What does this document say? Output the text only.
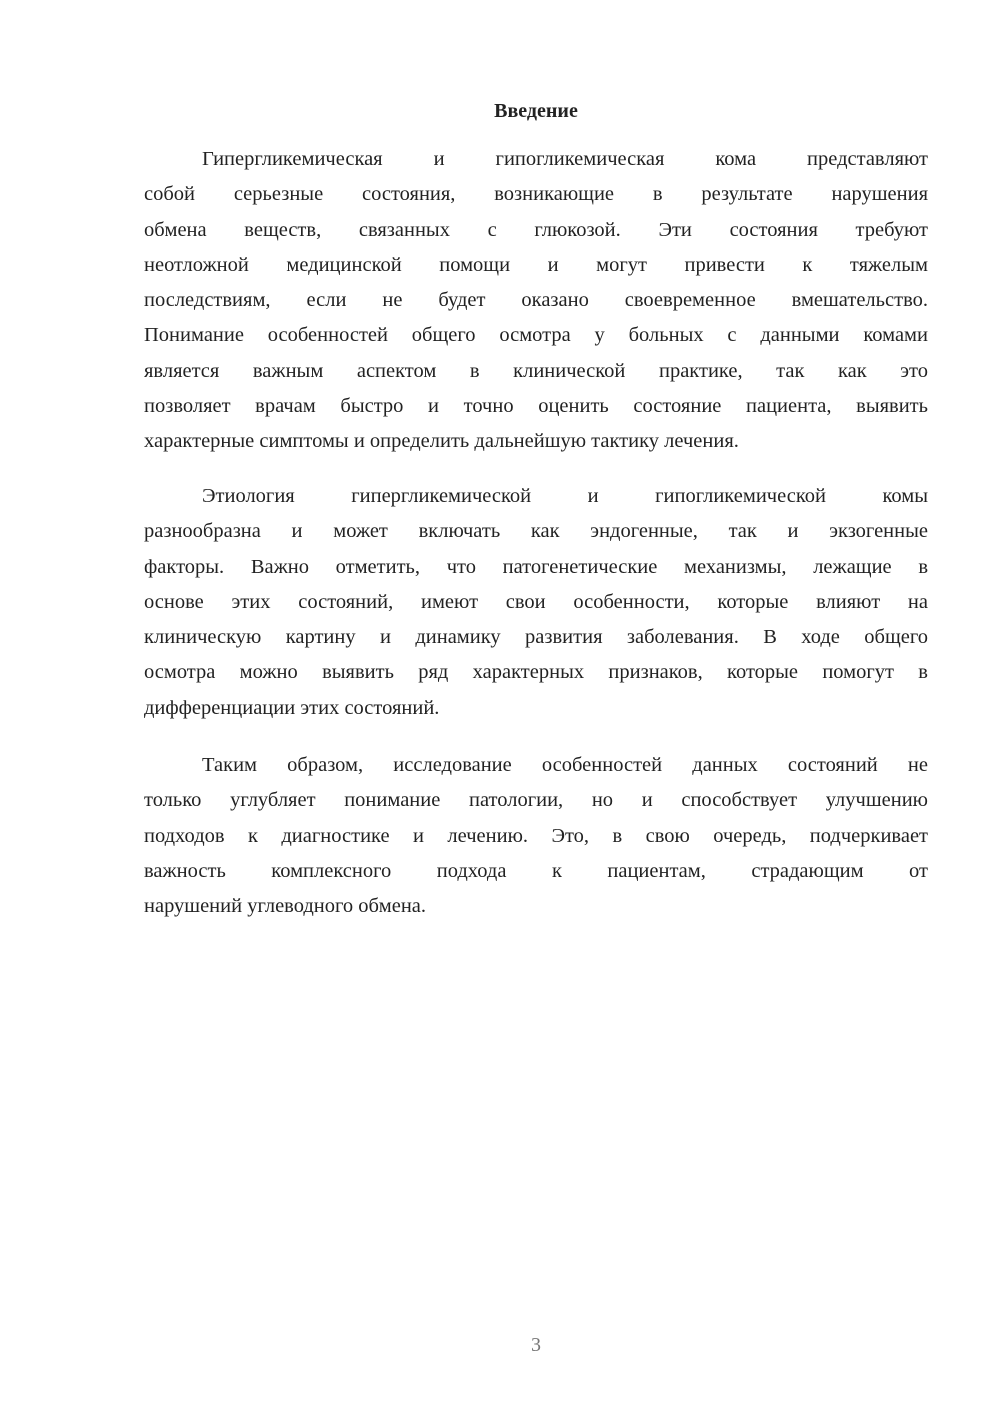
Введение
Гипергликемическая и гипогликемическая кома представляют
собой серьезные состояния, возникающие в результате нарушения
обмена веществ, связанных с глюкозой. Эти состояния требуют
неотложной медицинской помощи и могут привести к тяжелым
последствиям, если не будет оказано своевременное вмешательство.
Понимание особенностей общего осмотра у больных с данными комами
является важным аспектом в клинической практике, так как это
позволяет врачам быстро и точно оценить состояние пациента, выявить
характерные симптомы и определить дальнейшую тактику лечения.
Этиология гипергликемической и гипогликемической комы
разнообразна и может включать как эндогенные, так и экзогенные
факторы. Важно отметить, что патогенетические механизмы, лежащие в
основе этих состояний, имеют свои особенности, которые влияют на
клиническую картину и динамику развития заболевания. В ходе общего
осмотра можно выявить ряд характерных признаков, которые помогут в
дифференциации этих состояний.
Таким образом, исследование особенностей данных состояний не
только углубляет понимание патологии, но и способствует улучшению
подходов к диагностике и лечению. Это, в свою очередь, подчеркивает
важность комплексного подхода к пациентам, страдающим от
нарушений углеводного обмена.
3
